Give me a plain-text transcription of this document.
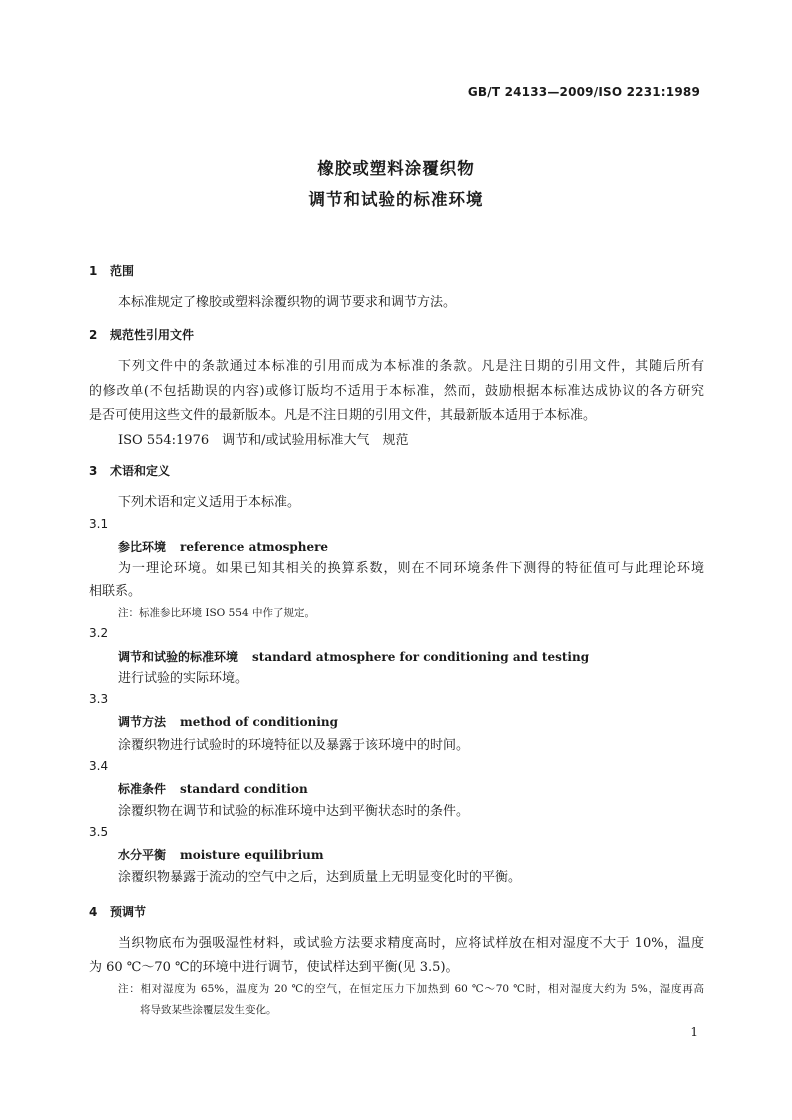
GB/T 24133—2009/ISO 2231:1989
橡胶或塑料涂覆织物
调节和试验的标准环境
1 范围
本标准规定了橡胶或塑料涂覆织物的调节要求和调节方法。
2 规范性引用文件
下列文件中的条款通过本标准的引用而成为本标准的条款。凡是注日期的引用文件，其随后所有
的修改单(不包括勘误的内容)或修订版均不适用于本标准，然而，鼓励根据本标准达成协议的各方研究
是否可使用这些文件的最新版本。凡是不注日期的引用文件，其最新版本适用于本标准。
ISO 554:1976　调节和/或试验用标准大气　规范
3 术语和定义
下列术语和定义适用于本标准。
3.1
参比环境 reference atmosphere
为一理论环境。如果已知其相关的换算系数，则在不同环境条件下测得的特征值可与此理论环境
相联系。
注：标准参比环境 ISO 554 中作了规定。
3.2
调节和试验的标准环境 standard atmosphere for conditioning and testing
进行试验的实际环境。
3.3
调节方法 method of conditioning
涂覆织物进行试验时的环境特征以及暴露于该环境中的时间。
3.4
标准条件 standard condition
涂覆织物在调节和试验的标准环境中达到平衡状态时的条件。
3.5
水分平衡 moisture equilibrium
涂覆织物暴露于流动的空气中之后，达到质量上无明显变化时的平衡。
4 预调节
当织物底布为强吸湿性材料，或试验方法要求精度高时，应将试样放在相对湿度不大于 10%，温度
为 60 ℃～70 ℃的环境中进行调节，使试样达到平衡(见 3.5)。
注：相对湿度为 65%，温度为 20 ℃的空气，在恒定压力下加热到 60 ℃～70 ℃时，相对湿度大约为 5%，湿度再高
将导致某些涂覆层发生变化。
1
